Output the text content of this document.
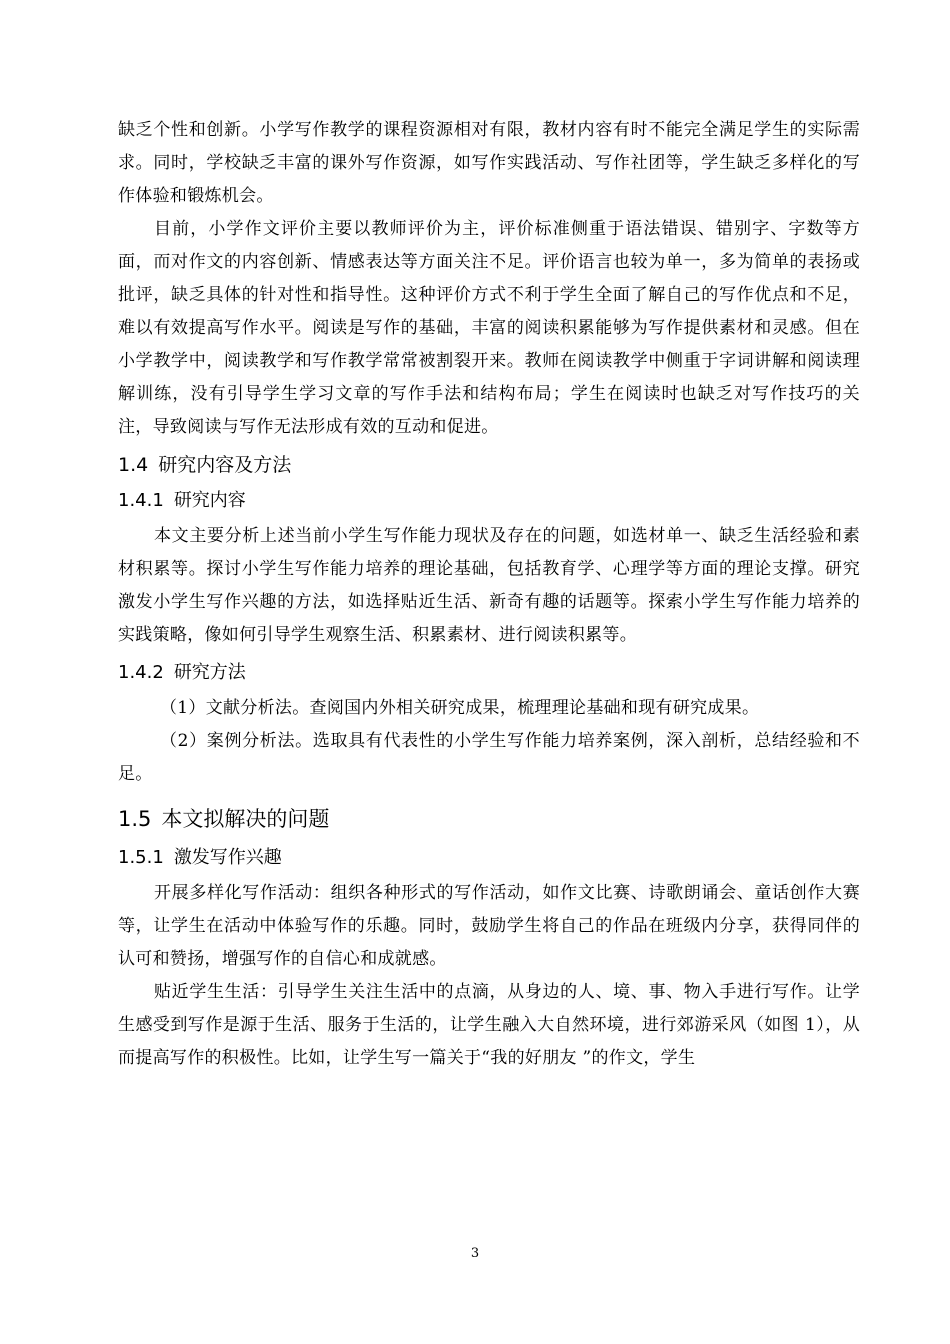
缺乏个性和创新。小学写作教学的课程资源相对有限，教材内容有时不能完全满足学生的实际需求。同时，学校缺乏丰富的课外写作资源，如写作实践活动、写作社团等，学生缺乏多样化的写作体验和锻炼机会。

目前，小学作文评价主要以教师评价为主，评价标准侧重于语法错误、错别字、字数等方面，而对作文的内容创新、情感表达等方面关注不足。评价语言也较为单一，多为简单的表扬或批评，缺乏具体的针对性和指导性。这种评价方式不利于学生全面了解自己的写作优点和不足，难以有效提高写作水平。阅读是写作的基础，丰富的阅读积累能够为写作提供素材和灵感。但在小学教学中，阅读教学和写作教学常常被割裂开来。教师在阅读教学中侧重于字词讲解和阅读理解训练，没有引导学生学习文章的写作手法和结构布局；学生在阅读时也缺乏对写作技巧的关注，导致阅读与写作无法形成有效的互动和促进。

1.4 研究内容及方法
1.4.1 研究内容

本文主要分析上述当前小学生写作能力现状及存在的问题，如选材单一、缺乏生活经验和素材积累等。探讨小学生写作能力培养的理论基础，包括教育学、心理学等方面的理论支撑。研究激发小学生写作兴趣的方法，如选择贴近生活、新奇有趣的话题等。探索小学生写作能力培养的实践策略，像如何引导学生观察生活、积累素材、进行阅读积累等。

1.4.2 研究方法

（1）文献分析法。查阅国内外相关研究成果，梳理理论基础和现有研究成果。

（2）案例分析法。选取具有代表性的小学生写作能力培养案例，深入剖析，总结经验和不足。

1.5 本文拟解决的问题
1.5.1 激发写作兴趣

开展多样化写作活动：组织各种形式的写作活动，如作文比赛、诗歌朗诵会、童话创作大赛等，让学生在活动中体验写作的乐趣。同时，鼓励学生将自己的作品在班级内分享，获得同伴的认可和赞扬，增强写作的自信心和成就感。

贴近学生生活：引导学生关注生活中的点滴，从身边的人、境、事、物入手进行写作。让学生感受到写作是源于生活、服务于生活的，让学生融入大自然环境，进行郊游采风（如图 1），从而提高写作的积极性。比如，让学生写一篇关于“我的好朋友 ”的作文，学生

3
